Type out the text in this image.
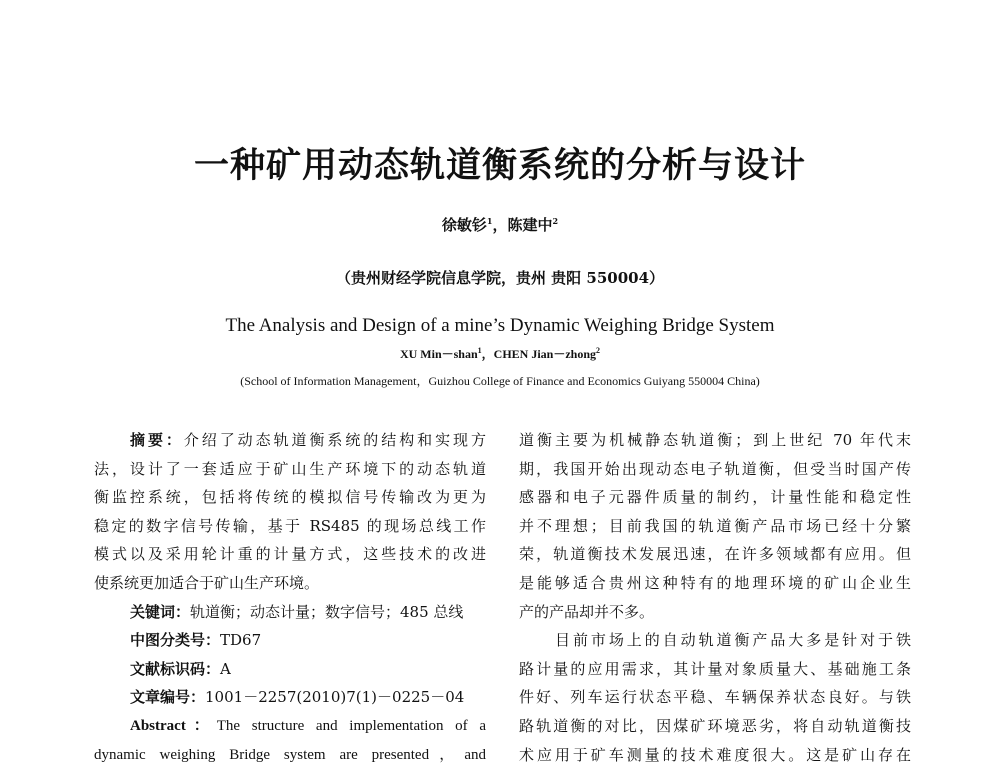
一种矿用动态轨道衡系统的分析与设计
徐敏钐$^1$，陈建中$^2$
（贵州财经学院信息学院，贵州 贵阳 550004）
The Analysis and Design of a mine’s Dynamic Weighing Bridge System
XU Min－shan$^1$，CHEN Jian－zhong$^2$
(School of Information Management，Guizhou College of Finance and Economics Guiyang 550004 China)
摘要：介绍了动态轨道衡系统的结构和实现方
法，设计了一套适应于矿山生产环境下的动态轨道
衡监控系统，包括将传统的模拟信号传输改为更为
稳定的数字信号传输，基于 RS485 的现场总线工作
模式以及采用轮计重的计量方式，这些技术的改进
使系统更加适合于矿山生产环境。
关键词：轨道衡；动态计量；数字信号；485 总线
中图分类号：TD67
文献标识码：A
文章编号：1001－2257(2010)7(1)－0225－04
Abstract：The structure and implementation of a
dynamic weighing Bridge system are presented，and
道衡主要为机械静态轨道衡；到上世纪 70 年代末
期，我国开始出现动态电子轨道衡，但受当时国产传
感器和电子元器件质量的制约，计量性能和稳定性
并不理想；目前我国的轨道衡产品市场已经十分繁
荣，轨道衡技术发展迅速，在许多领域都有应用。但
是能够适合贵州这种特有的地理环境的矿山企业生
产的产品却并不多。
目前市场上的自动轨道衡产品大多是针对于铁
路计量的应用需求，其计量对象质量大、基础施工条
件好、列车运行状态平稳、车辆保养状态良好。与铁
路轨道衡的对比，因煤矿环境恶劣，将自动轨道衡技
术应用于矿车测量的技术难度很大。这是矿山存在
